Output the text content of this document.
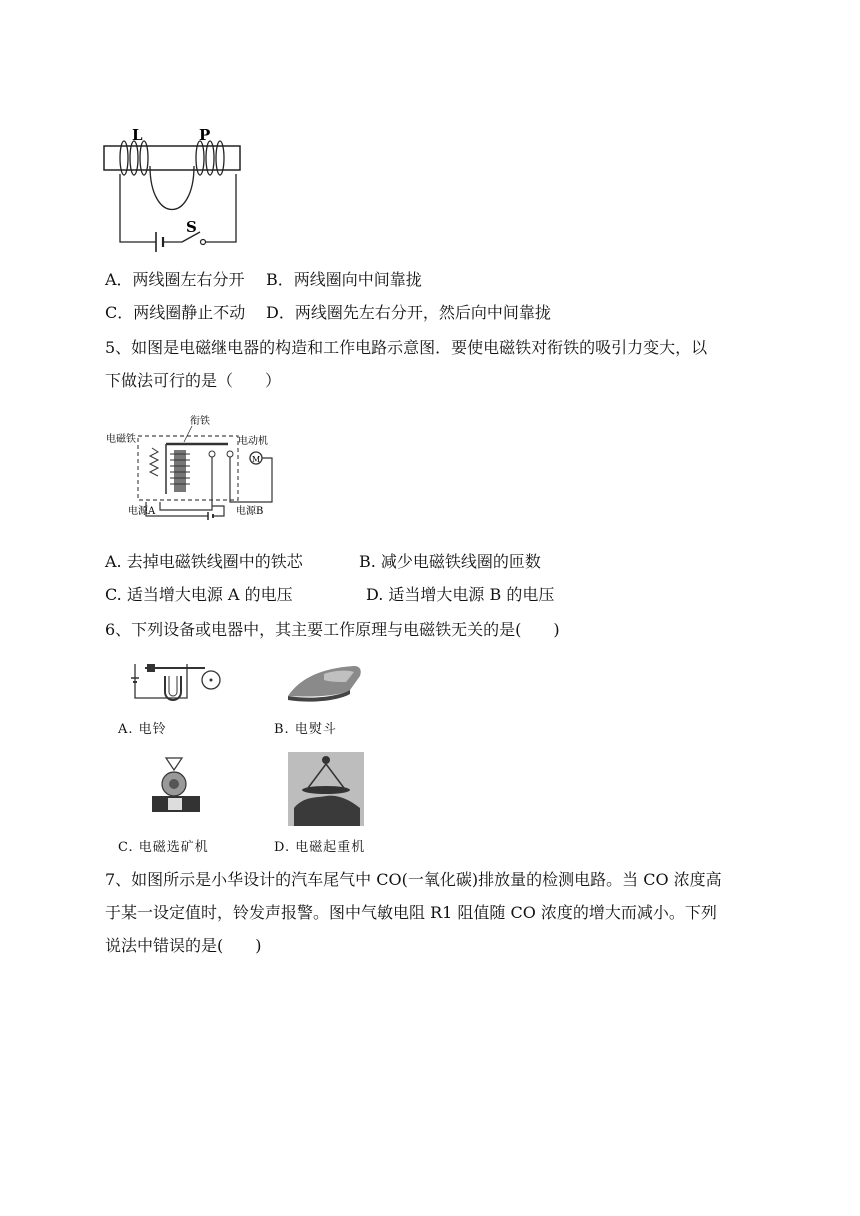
L	P
S
A．两线圈左右分开 B．两线圈向中间靠拢
C．两线圈静止不动 D．两线圈先左右分开，然后向中间靠拢
5、如图是电磁继电器的构造和工作电路示意图．要使电磁铁对衔铁的吸引力变大，以
下做法可行的是（　　）
M
衔铁
电磁铁	电动机
电源A	电源B
A. 去掉电磁铁线圈中的铁芯	B. 减少电磁铁线圈的匝数
C. 适当增大电源 A 的电压	D. 适当增大电源 B 的电压
6、下列设备或电器中，其主要工作原理与电磁铁无关的是(　　)
A. 电铃	B. 电熨斗
C. 电磁选矿机	D. 电磁起重机
7、如图所示是小华设计的汽车尾气中 CO(一氧化碳)排放量的检测电路。当 CO 浓度高
于某一设定值时，铃发声报警。图中气敏电阻 R1 阻值随 CO 浓度的增大而减小。下列
说法中错误的是(　　)
